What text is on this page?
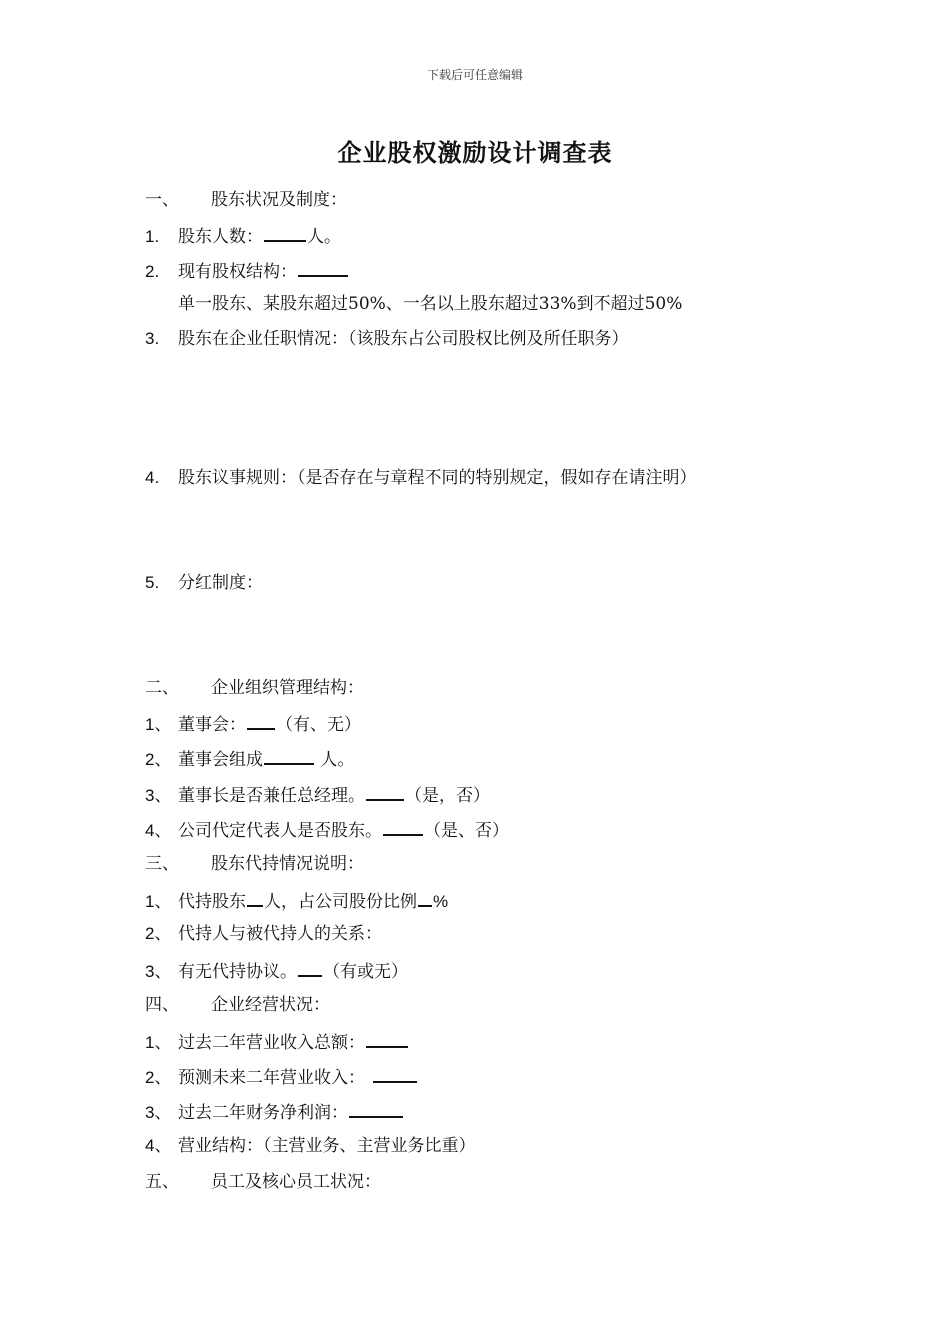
下载后可任意编辑
企业股权激励设计调查表
一、 股东状况及制度：
1. 股东人数：	人。
2. 现有股权结构：
单一股东、某股东超过50%、一名以上股东超过33%到不超过50%
3. 股东在企业任职情况：（该股东占公司股权比例及所任职务）
4. 股东议事规则：（是否存在与章程不同的特别规定，假如存在请注明）
5. 分红制度：
二、 企业组织管理结构：
1、 董事会： （有、无）
2、 董事会组成	人。
3、 董事长是否兼任总经理。 （是，否）
4、 公司代定代表人是否股东。 （是、否）
三、 股东代持情况说明：
1、 代持股东 人，占公司股份比例 %
2、 代持人与被代持人的关系：
3、 有无代持协议。 （有或无）
四、 企业经营状况：
1、 过去二年营业收入总额：
2、 预测未来二年营业收入：
3、 过去二年财务净利润：
4、 营业结构：（主营业务、主营业务比重）
五、 员工及核心员工状况：
